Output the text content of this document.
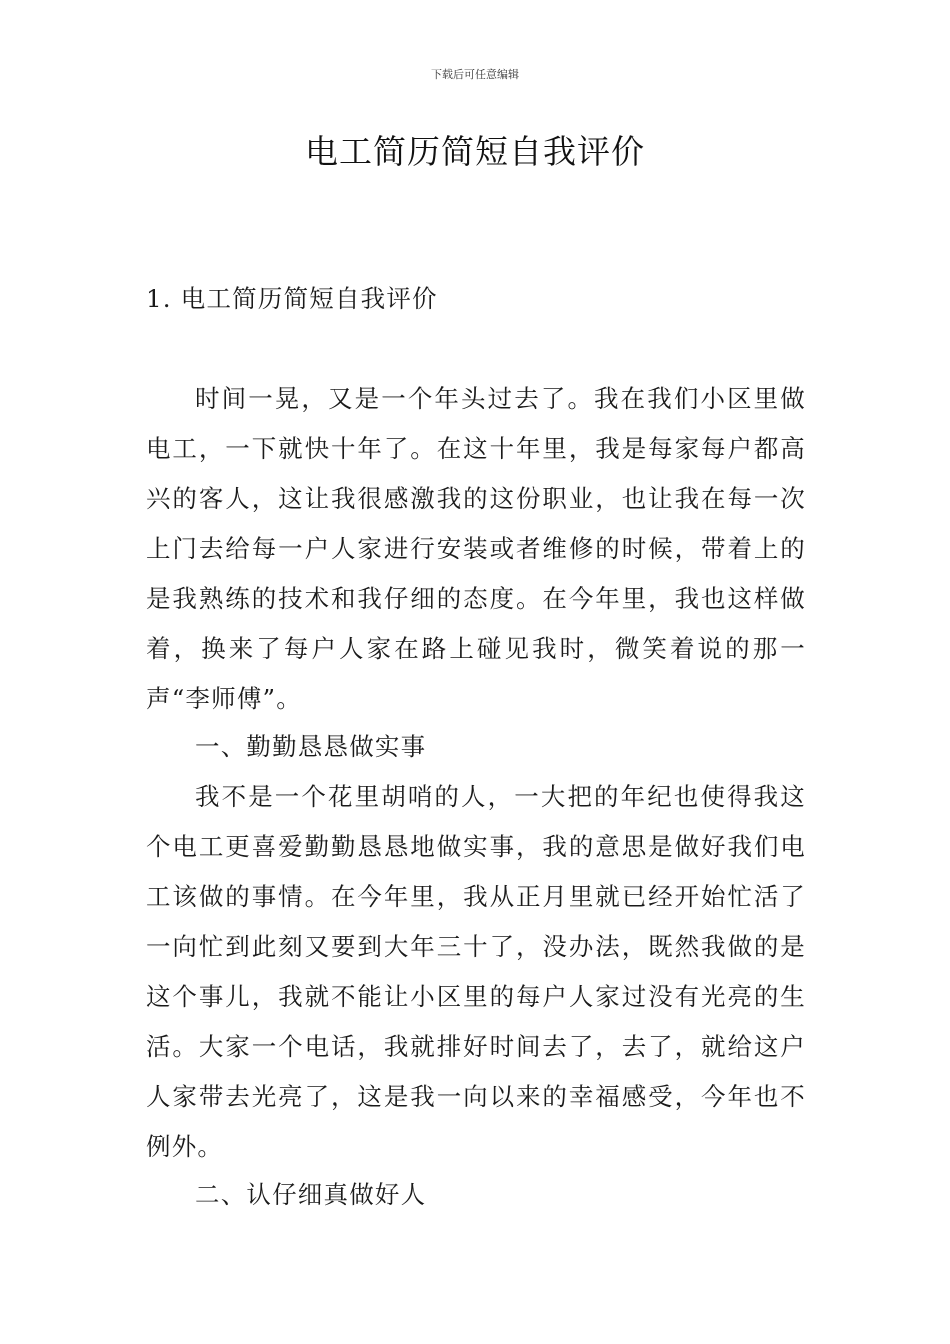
下载后可任意编辑
电工简历简短自我评价
1. 电工简历简短自我评价

时间一晃，又是一个年头过去了。我在我们小区里做电工，一下就快十年了。在这十年里，我是每家每户都高兴的客人，这让我很感激我的这份职业，也让我在每一次上门去给每一户人家进行安装或者维修的时候，带着上的是我熟练的技术和我仔细的态度。在今年里，我也这样做着，换来了每户人家在路上碰见我时，微笑着说的那一声“李师傅”。

一、勤勤恳恳做实事

我不是一个花里胡哨的人，一大把的年纪也使得我这个电工更喜爱勤勤恳恳地做实事，我的意思是做好我们电工该做的事情。在今年里，我从正月里就已经开始忙活了一向忙到此刻又要到大年三十了，没办法，既然我做的是这个事儿，我就不能让小区里的每户人家过没有光亮的生活。大家一个电话，我就排好时间去了，去了，就给这户人家带去光亮了，这是我一向以来的幸福感受，今年也不例外。

二、认仔细真做好人
